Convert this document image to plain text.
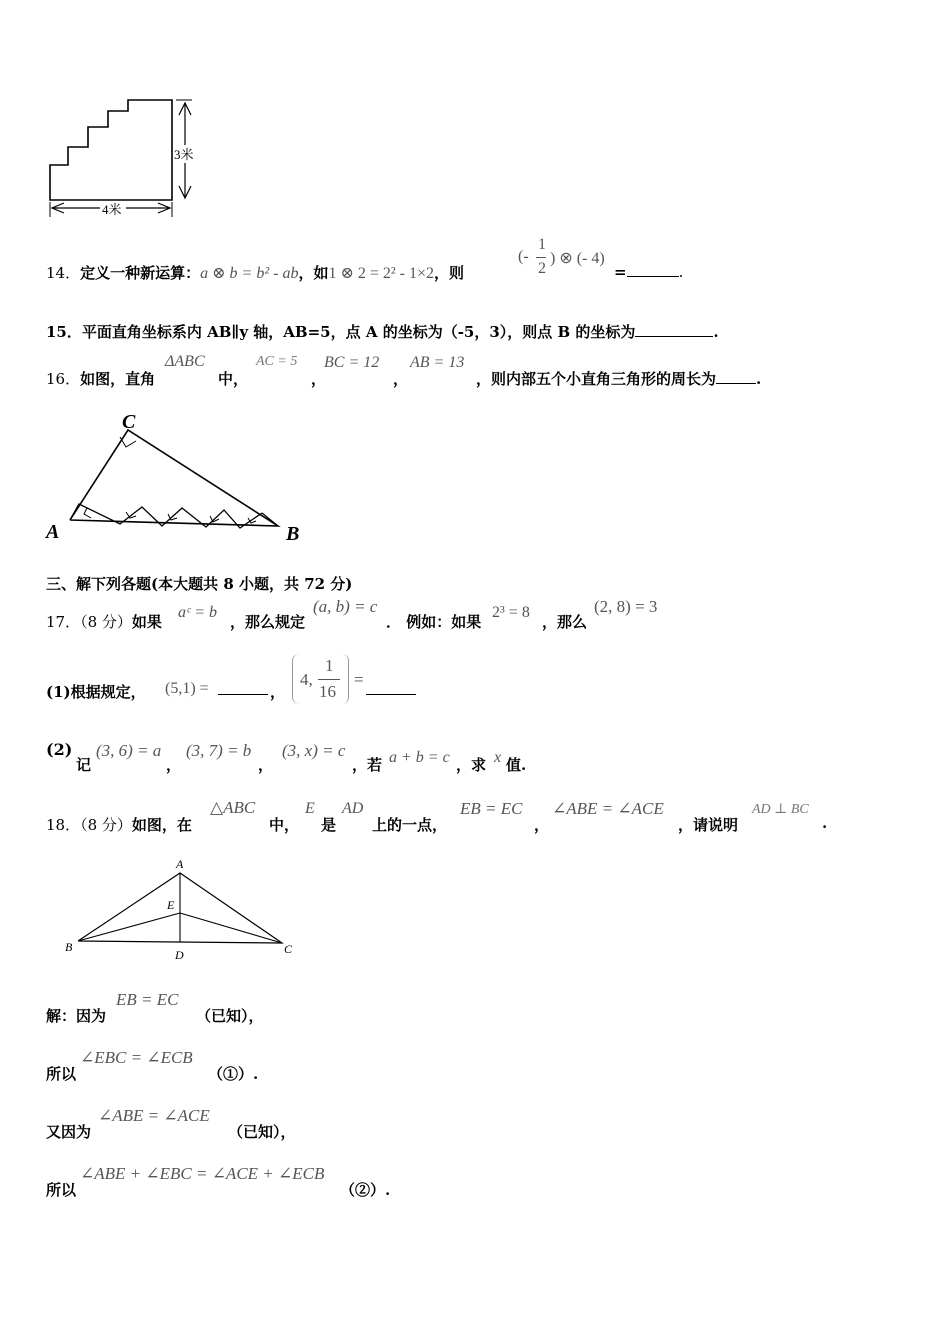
3米
4米
14．定义一种新运算：a ⊗ b = b² - ab，如1 ⊗ 2 = 2² - 1×2，则
(-
1
2
) ⊗ (- 4)
=	.
15．平面直角坐标系内 AB∥y 轴，AB=5，点 A 的坐标为（-5，3），则点 B 的坐标为	.
16．如图，直角
ΔABC
中，
AC = 5
，
BC = 12
，
AB = 13
，则内部五个小直角三角形的周长为	.
A
C
B
三、解下列各题(本大题共 8 小题，共 72 分)
17．（8 分）如果
aᶜ = b
，那么规定
(a, b) = c
． 例如：如果
2³ = 8
，那么
(2, 8) = 3
(1)根据规定， (5,1) =	，
4,
1
16
=
(2)
记
(3, 6) = a
，
(3, 7) = b
，
(3, x) = c
，若 a + b = c ，求 x 值.
18．（8 分）如图，在
△ABC
中，
E
是
AD
上的一点，
EB = EC
，
∠ABE = ∠ACE
，请说明
AD ⊥ BC
.
A
E
B
D	C
解：因为
EB = EC
（已知），
所以
∠EBC = ∠ECB
（①）.
又因为
∠ABE = ∠ACE
（已知），
所以
∠ABE + ∠EBC = ∠ACE + ∠ECB
（②）.
